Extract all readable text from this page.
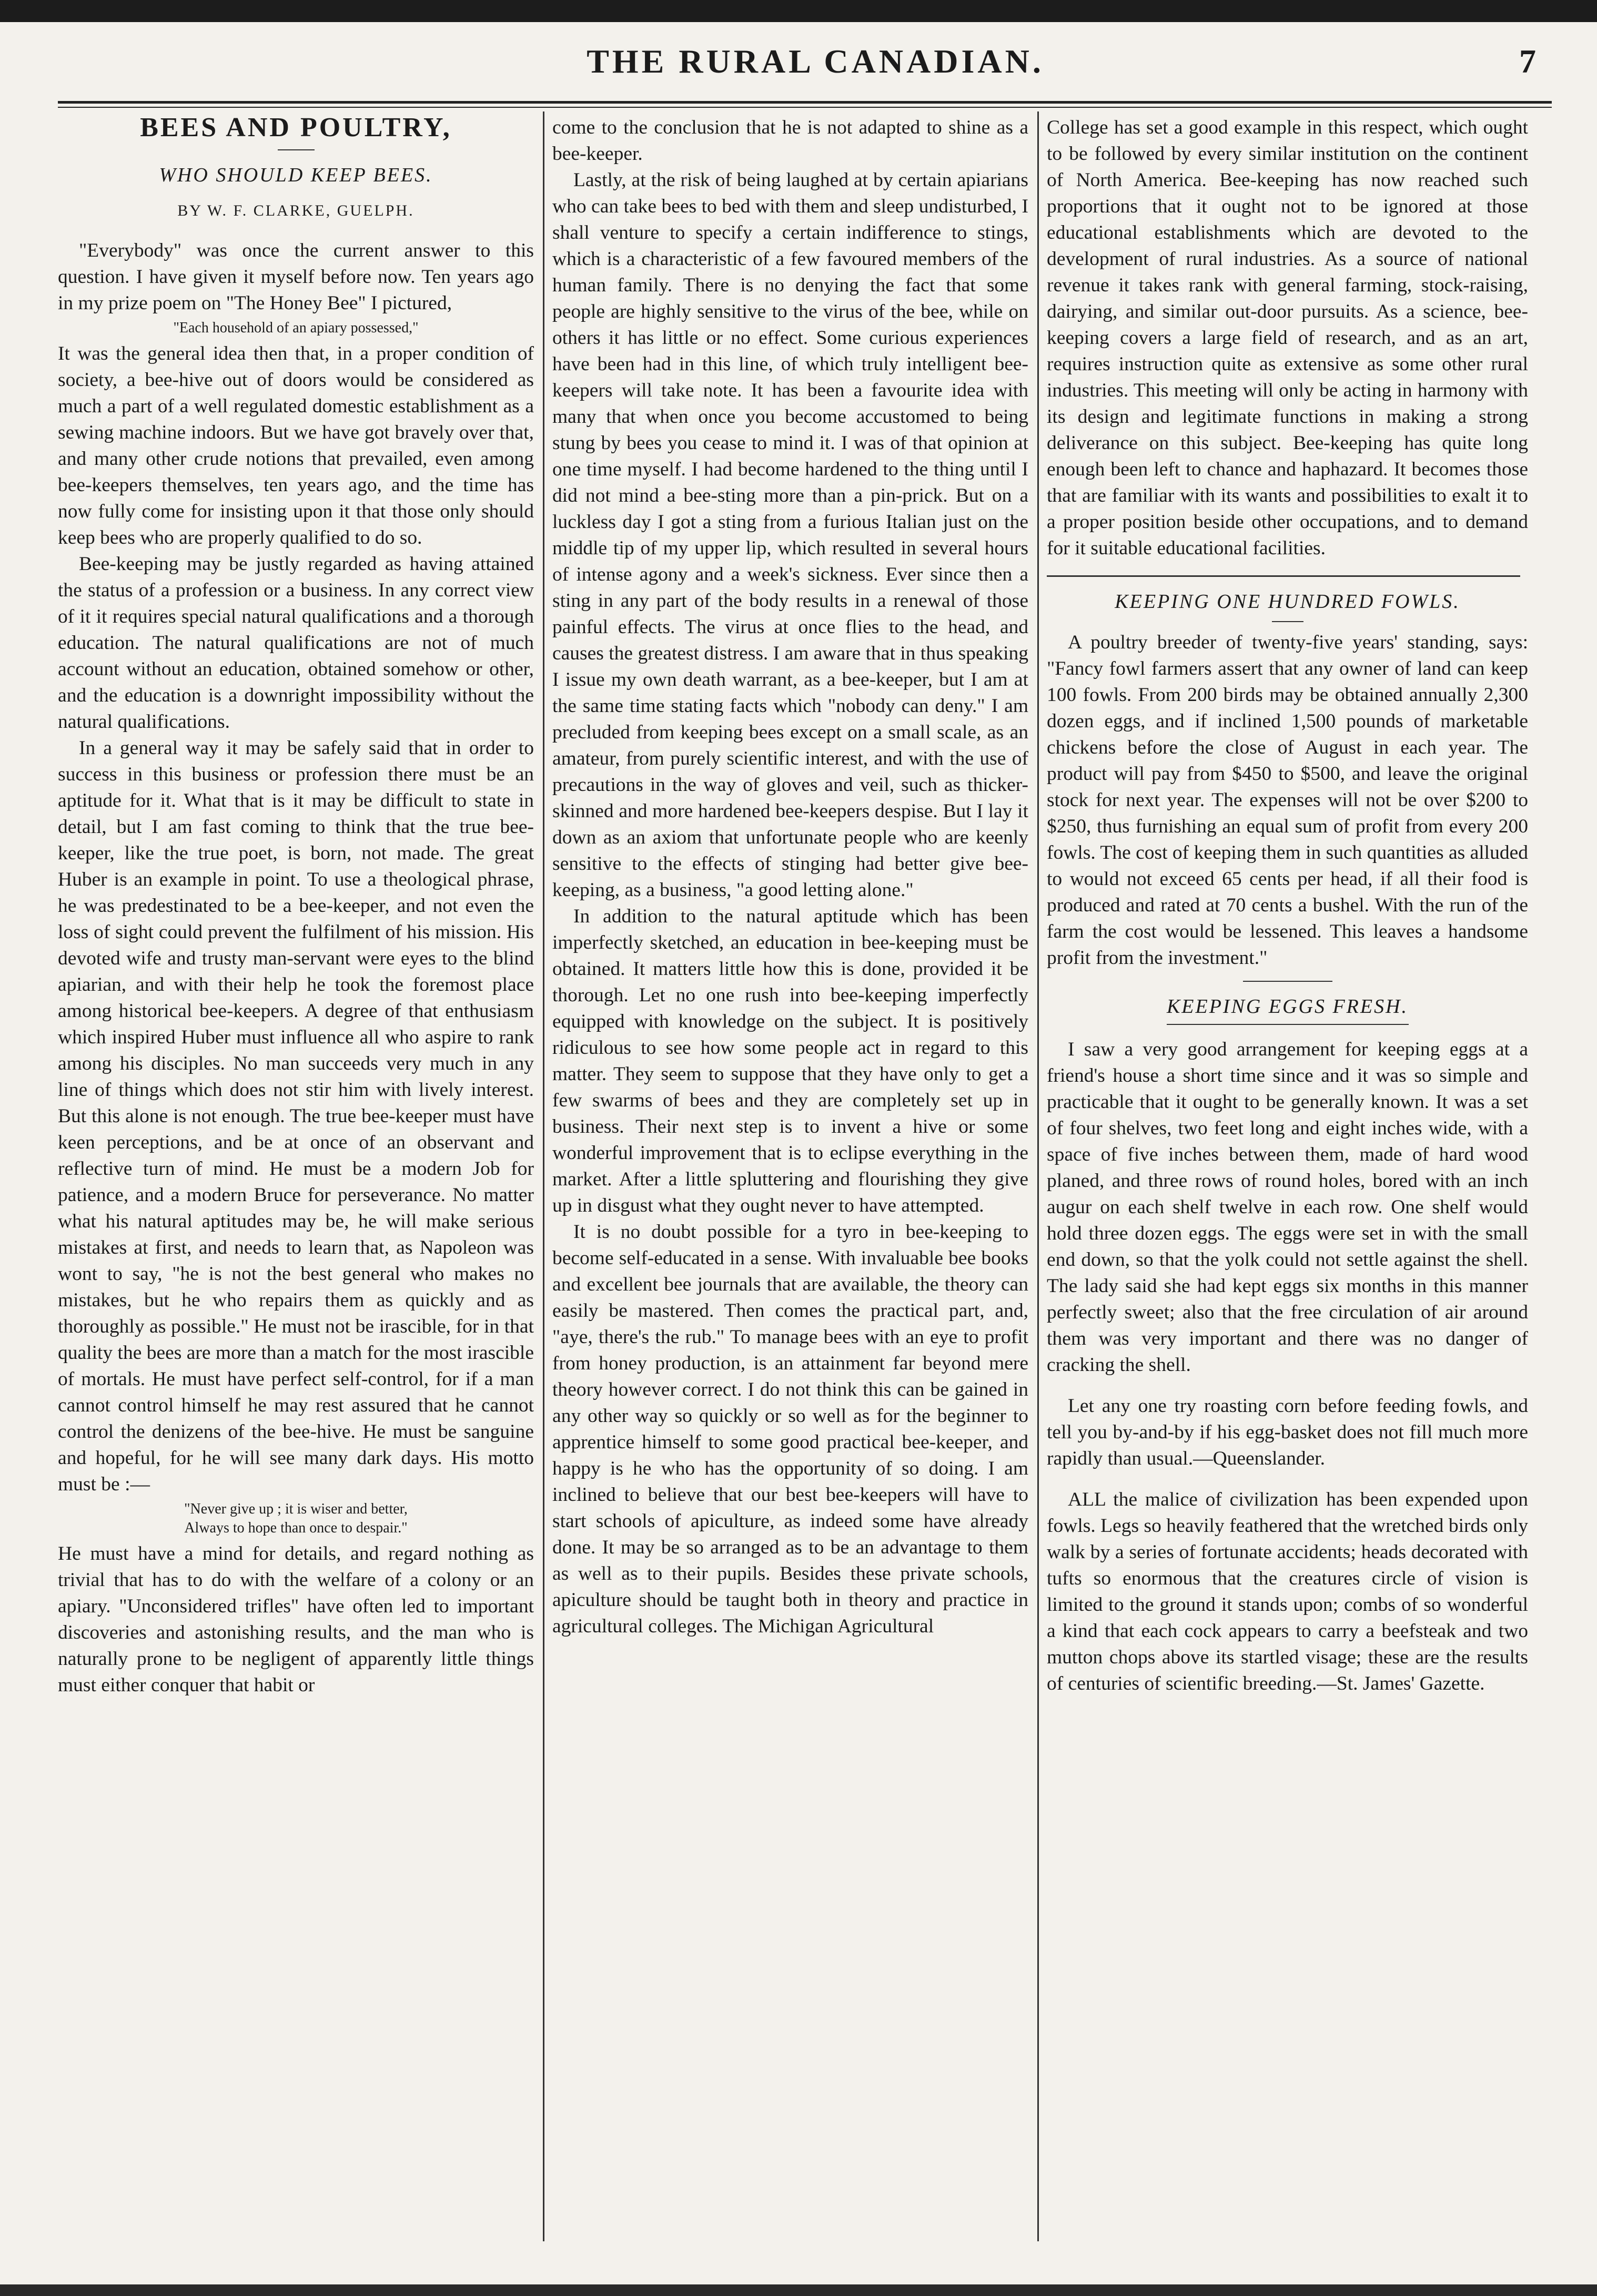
THE RURAL CANADIAN.	7
BEES AND POULTRY,
WHO SHOULD KEEP BEES.

BY W. F. CLARKE, GUELPH.

"Everybody" was once the current answer to this question. I have given it myself before now. Ten years ago in my prize poem on "The Honey Bee" I pictured,

"Each household of an apiary possessed,"

It was the general idea then that, in a proper condition of society, a bee-hive out of doors would be considered as much a part of a well regulated domestic establishment as a sewing machine indoors. But we have got bravely over that, and many other crude notions that prevailed, even among bee-keepers themselves, ten years ago, and the time has now fully come for insisting upon it that those only should keep bees who are properly qualified to do so.

Bee-keeping may be justly regarded as having attained the status of a profession or a business. In any correct view of it it requires special natural qualifications and a thorough education. The natural qualifications are not of much account without an education, obtained somehow or other, and the education is a downright impossibility without the natural qualifications.

In a general way it may be safely said that in order to success in this business or profession there must be an aptitude for it. What that is it may be difficult to state in detail, but I am fast coming to think that the true bee-keeper, like the true poet, is born, not made. The great Huber is an example in point. To use a theological phrase, he was predestinated to be a bee-keeper, and not even the loss of sight could prevent the fulfilment of his mission. His devoted wife and trusty man-servant were eyes to the blind apiarian, and with their help he took the foremost place among historical bee-keepers. A degree of that enthusiasm which inspired Huber must influence all who aspire to rank among his disciples. No man succeeds very much in any line of things which does not stir him with lively interest. But this alone is not enough. The true bee-keeper must have keen perceptions, and be at once of an observant and reflective turn of mind. He must be a modern Job for patience, and a modern Bruce for perseverance. No matter what his natural aptitudes may be, he will make serious mistakes at first, and needs to learn that, as Napoleon was wont to say, "he is not the best general who makes no mistakes, but he who repairs them as quickly and as thoroughly as possible." He must not be irascible, for in that quality the bees are more than a match for the most irascible of mortals. He must have perfect self-control, for if a man cannot control himself he may rest assured that he cannot control the denizens of the bee-hive. He must be sanguine and hopeful, for he will see many dark days. His motto must be :—

"Never give up ; it is wiser and better,

Always to hope than once to despair."

He must have a mind for details, and regard nothing as trivial that has to do with the welfare of a colony or an apiary. "Unconsidered trifles" have often led to important discoveries and astonishing results, and the man who is naturally prone to be negligent of apparently little things must either conquer that habit or

come to the conclusion that he is not adapted to shine as a bee-keeper.

Lastly, at the risk of being laughed at by certain apiarians who can take bees to bed with them and sleep undisturbed, I shall venture to specify a certain indifference to stings, which is a characteristic of a few favoured members of the human family. There is no denying the fact that some people are highly sensitive to the virus of the bee, while on others it has little or no effect. Some curious experiences have been had in this line, of which truly intelligent bee-keepers will take note. It has been a favourite idea with many that when once you become accustomed to being stung by bees you cease to mind it. I was of that opinion at one time myself. I had become hardened to the thing until I did not mind a bee-sting more than a pin-prick. But on a luckless day I got a sting from a furious Italian just on the middle tip of my upper lip, which resulted in several hours of intense agony and a week's sickness. Ever since then a sting in any part of the body results in a renewal of those painful effects. The virus at once flies to the head, and causes the greatest distress. I am aware that in thus speaking I issue my own death warrant, as a bee-keeper, but I am at the same time stating facts which "nobody can deny." I am precluded from keeping bees except on a small scale, as an amateur, from purely scientific interest, and with the use of precautions in the way of gloves and veil, such as thicker-skinned and more hardened bee-keepers despise. But I lay it down as an axiom that unfortunate people who are keenly sensitive to the effects of stinging had better give bee-keeping, as a business, "a good letting alone."

In addition to the natural aptitude which has been imperfectly sketched, an education in bee-keeping must be obtained. It matters little how this is done, provided it be thorough. Let no one rush into bee-keeping imperfectly equipped with knowledge on the subject. It is positively ridiculous to see how some people act in regard to this matter. They seem to suppose that they have only to get a few swarms of bees and they are completely set up in business. Their next step is to invent a hive or some wonderful improvement that is to eclipse everything in the market. After a little spluttering and flourishing they give up in disgust what they ought never to have attempted.

It is no doubt possible for a tyro in bee-keeping to become self-educated in a sense. With invaluable bee books and excellent bee journals that are available, the theory can easily be mastered. Then comes the practical part, and, "aye, there's the rub." To manage bees with an eye to profit from honey production, is an attainment far beyond mere theory however correct. I do not think this can be gained in any other way so quickly or so well as for the beginner to apprentice himself to some good practical bee-keeper, and happy is he who has the opportunity of so doing. I am inclined to believe that our best bee-keepers will have to start schools of apiculture, as indeed some have already done. It may be so arranged as to be an advantage to them as well as to their pupils. Besides these private schools, apiculture should be taught both in theory and practice in agricultural colleges. The Michigan Agricultural

College has set a good example in this respect, which ought to be followed by every similar institution on the continent of North America. Bee-keeping has now reached such proportions that it ought not to be ignored at those educational establishments which are devoted to the development of rural industries. As a source of national revenue it takes rank with general farming, stock-raising, dairying, and similar out-door pursuits. As a science, bee-keeping covers a large field of research, and as an art, requires instruction quite as extensive as some other rural industries. This meeting will only be acting in harmony with its design and legitimate functions in making a strong deliverance on this subject. Bee-keeping has quite long enough been left to chance and haphazard. It becomes those that are familiar with its wants and possibilities to exalt it to a proper position beside other occupations, and to demand for it suitable educational facilities.

KEEPING ONE HUNDRED FOWLS.

A poultry breeder of twenty-five years' standing, says: "Fancy fowl farmers assert that any owner of land can keep 100 fowls. From 200 birds may be obtained annually 2,300 dozen eggs, and if inclined 1,500 pounds of marketable chickens before the close of August in each year. The product will pay from $450 to $500, and leave the original stock for next year. The expenses will not be over $200 to $250, thus furnishing an equal sum of profit from every 200 fowls. The cost of keeping them in such quantities as alluded to would not exceed 65 cents per head, if all their food is produced and rated at 70 cents a bushel. With the run of the farm the cost would be lessened. This leaves a handsome profit from the investment."

KEEPING EGGS FRESH.

I saw a very good arrangement for keeping eggs at a friend's house a short time since and it was so simple and practicable that it ought to be generally known. It was a set of four shelves, two feet long and eight inches wide, with a space of five inches between them, made of hard wood planed, and three rows of round holes, bored with an inch augur on each shelf twelve in each row. One shelf would hold three dozen eggs. The eggs were set in with the small end down, so that the yolk could not settle against the shell. The lady said she had kept eggs six months in this manner perfectly sweet; also that the free circulation of air around them was very important and there was no danger of cracking the shell.

Let any one try roasting corn before feeding fowls, and tell you by-and-by if his egg-basket does not fill much more rapidly than usual.—Queenslander.

ALL the malice of civilization has been expended upon fowls. Legs so heavily feathered that the wretched birds only walk by a series of fortunate accidents; heads decorated with tufts so enormous that the creatures circle of vision is limited to the ground it stands upon; combs of so wonderful a kind that each cock appears to carry a beefsteak and two mutton chops above its startled visage; these are the results of centuries of scientific breeding.—St. James' Gazette.
